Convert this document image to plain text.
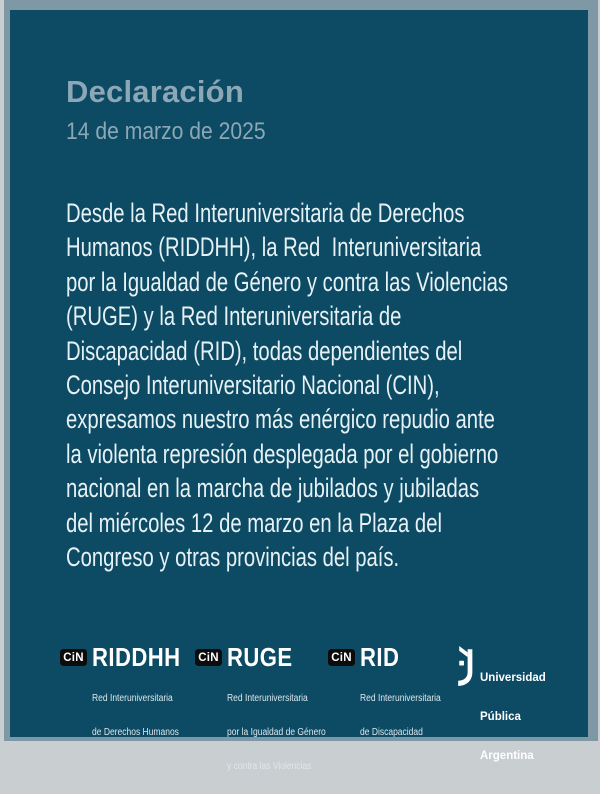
Declaración
14 de marzo de 2025
Desde la Red Interuniversitaria de Derechos
Humanos (RIDDHH), la Red  Interuniversitaria
por la Igualdad de Género y contra las Violencias
(RUGE) y la Red Interuniversitaria de
Discapacidad (RID), todas dependientes del
Consejo Interuniversitario Nacional (CIN),
expresamos nuestro más enérgico repudio ante
la violenta represión desplegada por el gobierno
nacional en la marcha de jubilados y jubiladas
del miércoles 12 de marzo en la Plaza del
Congreso y otras provincias del país.
CiN RIDDHH

Red Interuniversitaria

de Derechos Humanos

CiN RUGE

Red Interuniversitaria

por la Igualdad de Género

y contra las Violencias

CiN RID

Red Interuniversitaria

de Discapacidad

Universidad

Pública

Argentina
